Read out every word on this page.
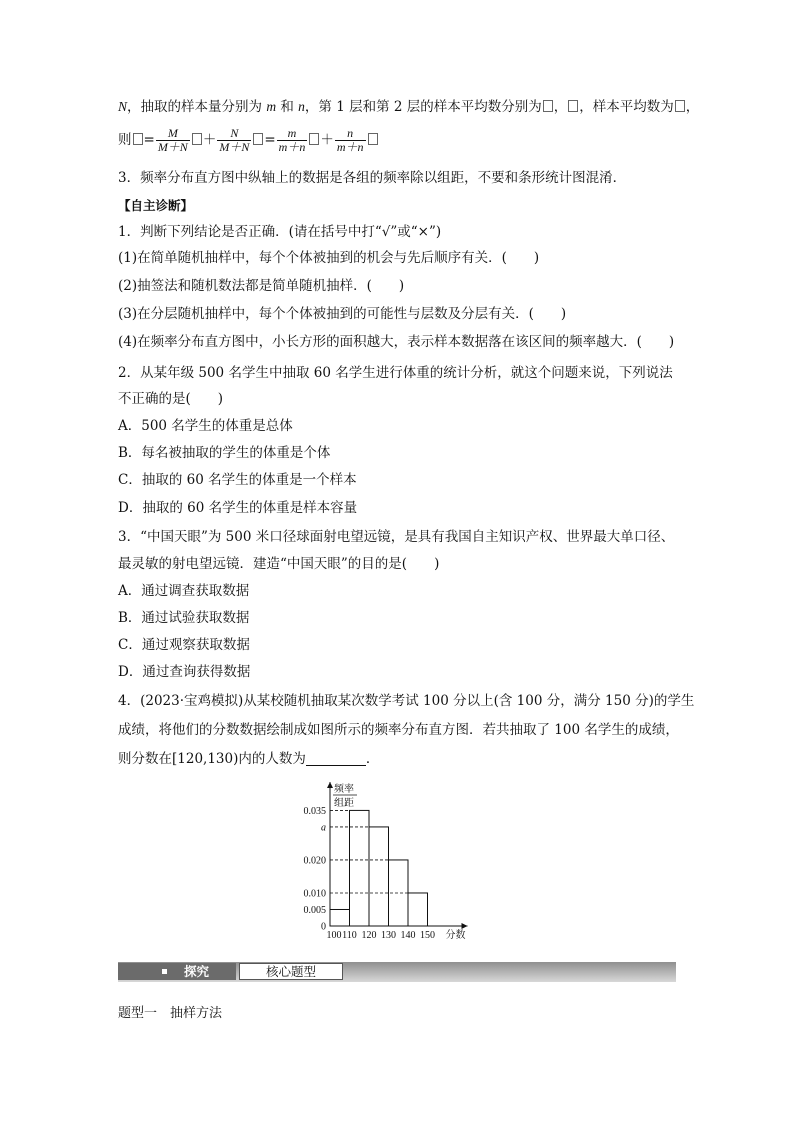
N，抽取的样本量分别为 m 和 n，第 1 层和第 2 层的样本平均数分别为 ， ，样本平均数为 ，
则 = $\frac{M}{M+N} + \frac{N}{M+N} = \frac{m}{m+n} + \frac{n}{m+n}$
3．频率分布直方图中纵轴上的数据是各组的频率除以组距，不要和条形统计图混淆．
【自主诊断】
1．判断下列结论是否正确．(请在括号中打“√”或“×”)
(1)在简单随机抽样中，每个个体被抽到的机会与先后顺序有关．(　　)
(2)抽签法和随机数法都是简单随机抽样．(　　)
(3)在分层随机抽样中，每个个体被抽到的可能性与层数及分层有关．(　　)
(4)在频率分布直方图中，小长方形的面积越大，表示样本数据落在该区间的频率越大．(　　)
2．从某年级 500 名学生中抽取 60 名学生进行体重的统计分析，就这个问题来说，下列说法
不正确的是(　　)
A．500 名学生的体重是总体
B．每名被抽取的学生的体重是个体
C．抽取的 60 名学生的体重是一个样本
D．抽取的 60 名学生的体重是样本容量
3．“中国天眼”为 500 米口径球面射电望远镜，是具有我国自主知识产权、世界最大单口径、
最灵敏的射电望远镜．建造“中国天眼”的目的是(　　)
A．通过调查获取数据
B．通过试验获取数据
C．通过观察获取数据
D．通过查询获得数据
4．(2023·宝鸡模拟)从某校随机抽取某次数学考试 100 分以上(含 100 分，满分 150 分)的学生
成绩，将他们的分数数据绘制成如图所示的频率分布直方图．若共抽取了 100 名学生的成绩，
则分数在[120,130)内的人数为	．
0.035
a
0.020
0.010
0.005
0
100 110 120 130 140 150 分数
频率
组距
探究	核心题型
题型一　抽样方法
